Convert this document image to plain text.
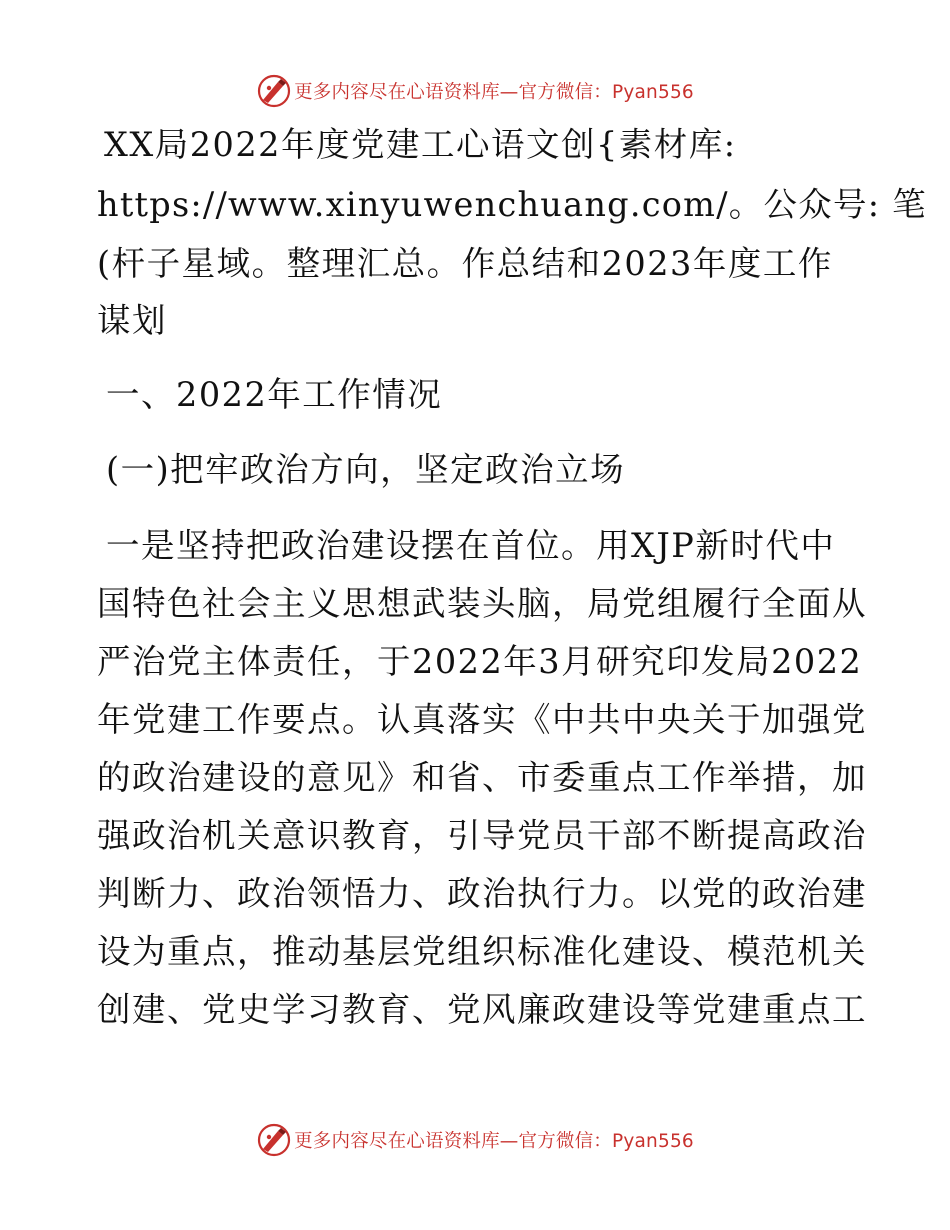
更多内容尽在心语资料库—官方微信：Pyan556
XX局2022年度党建工心语文创{素材库:
https://www.xinyuwenchuang.com/。公众号: 笔
(杆子星域。整理汇总。作总结和2023年度工作
谋划
一、2022年工作情况
(一)把牢政治方向，坚定政治立场
一是坚持把政治建设摆在首位。用XJP新时代中
国特色社会主义思想武装头脑，局党组履行全面从
严治党主体责任，于2022年3月研究印发局2022
年党建工作要点。认真落实《中共中央关于加强党
的政治建设的意见》和省、市委重点工作举措，加
强政治机关意识教育，引导党员干部不断提高政治
判断力、政治领悟力、政治执行力。以党的政治建
设为重点，推动基层党组织标准化建设、模范机关
创建、党史学习教育、党风廉政建设等党建重点工
更多内容尽在心语资料库—官方微信：Pyan556
